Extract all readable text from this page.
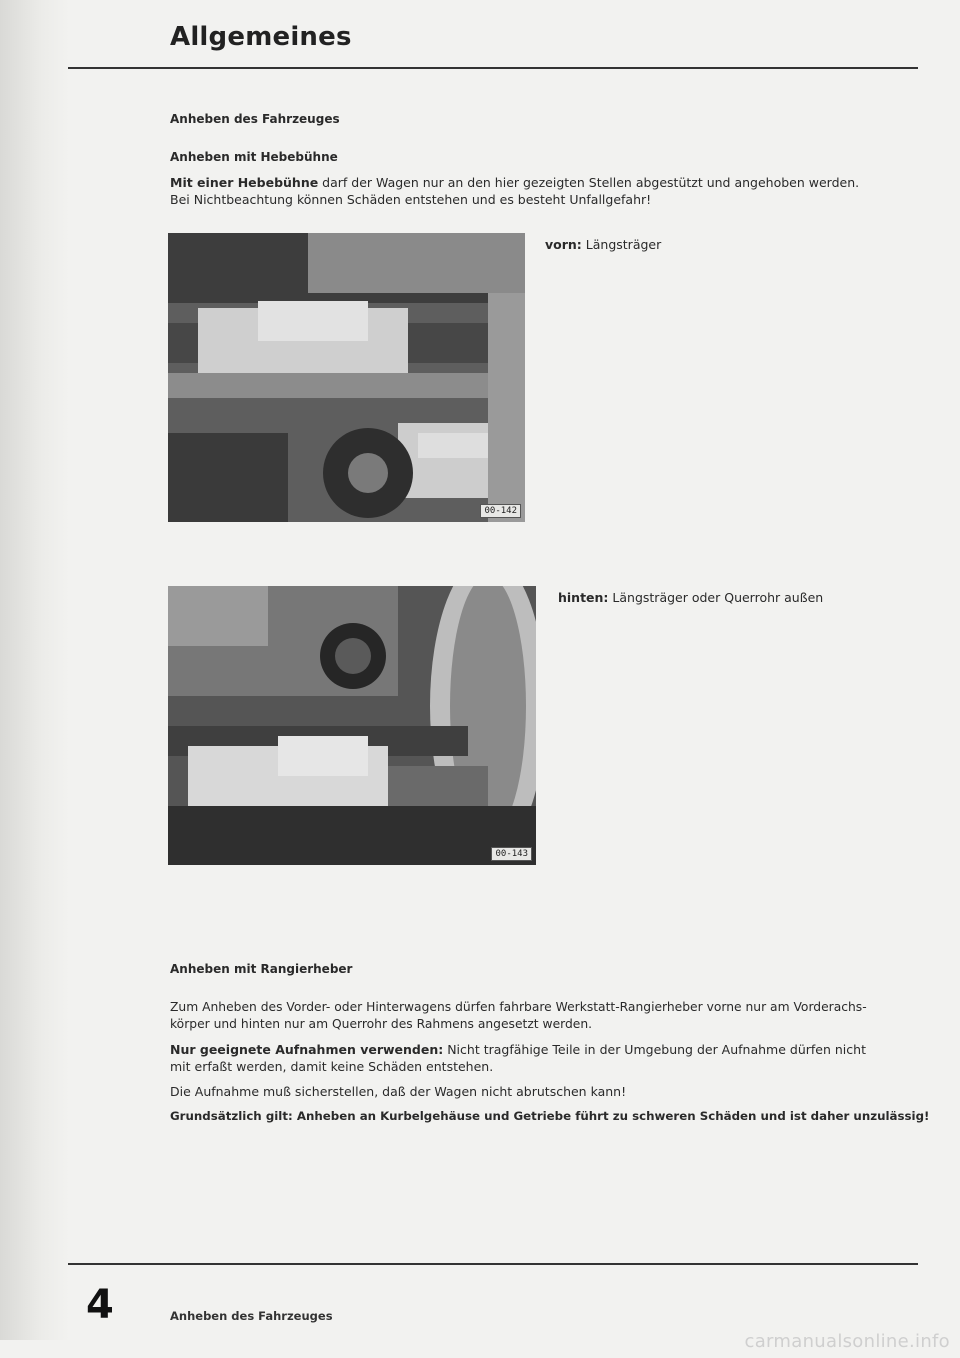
Allgemeines
Anheben des Fahrzeuges
Anheben mit Hebebühne
Mit einer Hebebühne darf der Wagen nur an den hier gezeigten Stellen abgestützt und angehoben werden.
Bei Nichtbeachtung können Schäden entstehen und es besteht Unfallgefahr!
00-142
vorn: Längsträger
00-143
hinten: Längsträger oder Querrohr außen
Anheben mit Rangierheber
Zum Anheben des Vorder- oder Hinterwagens dürfen fahrbare Werkstatt-Rangierheber vorne nur am Vorderachs-
körper und hinten nur am Querrohr des Rahmens angesetzt werden.
Nur geeignete Aufnahmen verwenden: Nicht tragfähige Teile in der Umgebung der Aufnahme dürfen nicht
mit erfaßt werden, damit keine Schäden entstehen.
Die Aufnahme muß sicherstellen, daß der Wagen nicht abrutschen kann!
Grundsätzlich gilt: Anheben an Kurbelgehäuse und Getriebe führt zu schweren Schäden und ist daher unzulässig!
4	Anheben des Fahrzeuges
carmanualsonline.info
